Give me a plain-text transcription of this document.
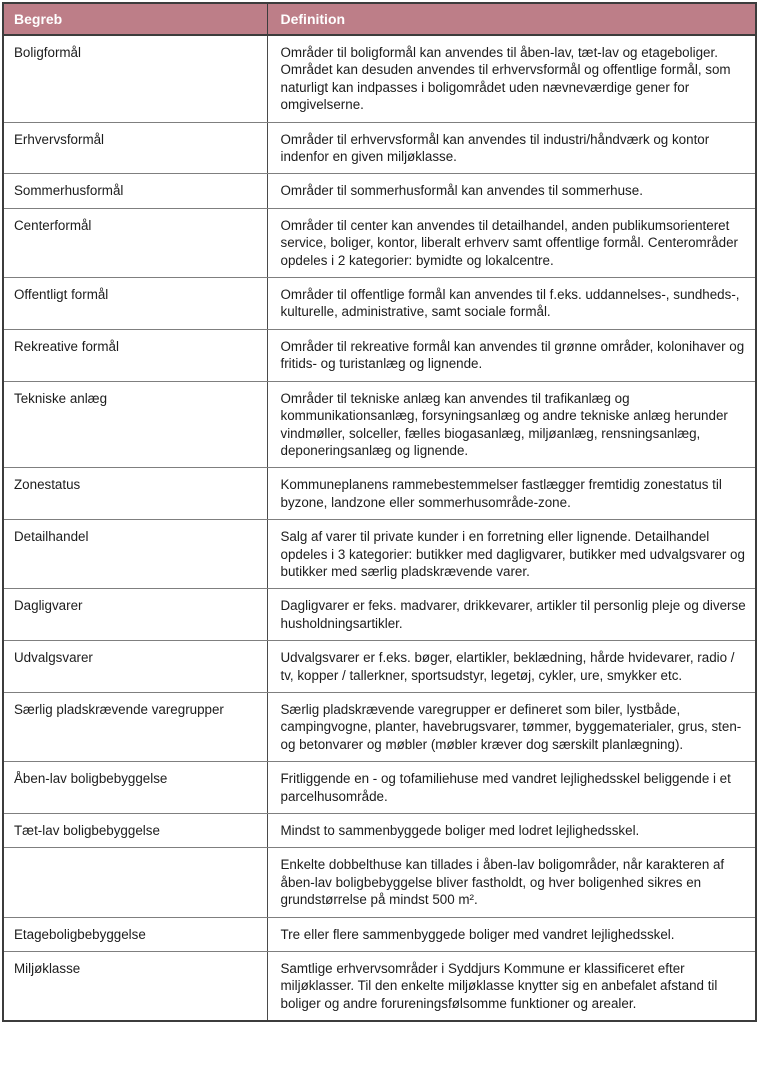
Begreb	Definition
Boligformål	Områder til boligformål kan anvendes til åben-lav, tæt-lav og etageboliger. Området kan desuden anvendes til erhvervsformål og offentlige formål, som naturligt kan indpasses i boligområdet uden nævneværdige gener for omgivelserne.
Erhvervsformål	Områder til erhvervsformål kan anvendes til industri/håndværk og kontor indenfor en given miljøklasse.
Sommerhusformål	Områder til sommerhusformål kan anvendes til sommerhuse.
Centerformål	Områder til center kan anvendes til detailhandel, anden publikumsorienteret service, boliger, kontor, liberalt erhverv samt offentlige formål. Centerområder opdeles i 2 kategorier: bymidte og lokalcentre.
Offentligt formål	Områder til offentlige formål kan anvendes til f.eks. uddannelses-, sundheds-, kulturelle, administrative, samt sociale formål.
Rekreative formål	Områder til rekreative formål kan anvendes til grønne områder, kolonihaver og fritids- og turistanlæg og lignende.
Tekniske anlæg	Områder til tekniske anlæg kan anvendes til trafikanlæg og kommunikationsanlæg, forsyningsanlæg og andre tekniske anlæg herunder vindmøller, solceller, fælles biogasanlæg, miljøanlæg, rensningsanlæg, deponeringsanlæg og lignende.
Zonestatus	Kommuneplanens rammebestemmelser fastlægger fremtidig zonestatus til byzone, landzone eller sommerhusområde-zone.
Detailhandel	Salg af varer til private kunder i en forretning eller lignende. Detailhandel opdeles i 3 kategorier: butikker med dagligvarer, butikker med udvalgsvarer og butikker med særlig pladskrævende varer.
Dagligvarer	Dagligvarer er feks. madvarer, drikkevarer, artikler til personlig pleje og diverse husholdningsartikler.
Udvalgsvarer	Udvalgsvarer er f.eks. bøger, elartikler, beklædning, hårde hvidevarer, radio / tv, kopper / tallerkner, sportsudstyr, legetøj, cykler, ure, smykker etc.
Særlig pladskrævende varegrupper	Særlig pladskrævende varegrupper er defineret som biler, lystbåde, campingvogne, planter, havebrugsvarer, tømmer, byggematerialer, grus, sten- og betonvarer og møbler (møbler kræver dog særskilt planlægning).
Åben-lav boligbebyggelse	Fritliggende en - og tofamiliehuse med vandret lejlighedsskel beliggende i et parcelhusområde.
Tæt-lav boligbebyggelse	Mindst to sammenbyggede boliger med lodret lejlighedsskel.
	Enkelte dobbelthuse kan tillades i åben-lav boligområder, når karakteren af åben-lav boligbebyggelse bliver fastholdt, og hver boligenhed sikres en grundstørrelse på mindst 500 m².
Etageboligbebyggelse	Tre eller flere sammenbyggede boliger med vandret lejlighedsskel.
Miljøklasse	Samtlige erhvervsområder i Syddjurs Kommune er klassificeret efter miljøklasser. Til den enkelte miljøklasse knytter sig en anbefalet afstand til boliger og andre forureningsfølsomme funktioner og arealer.
